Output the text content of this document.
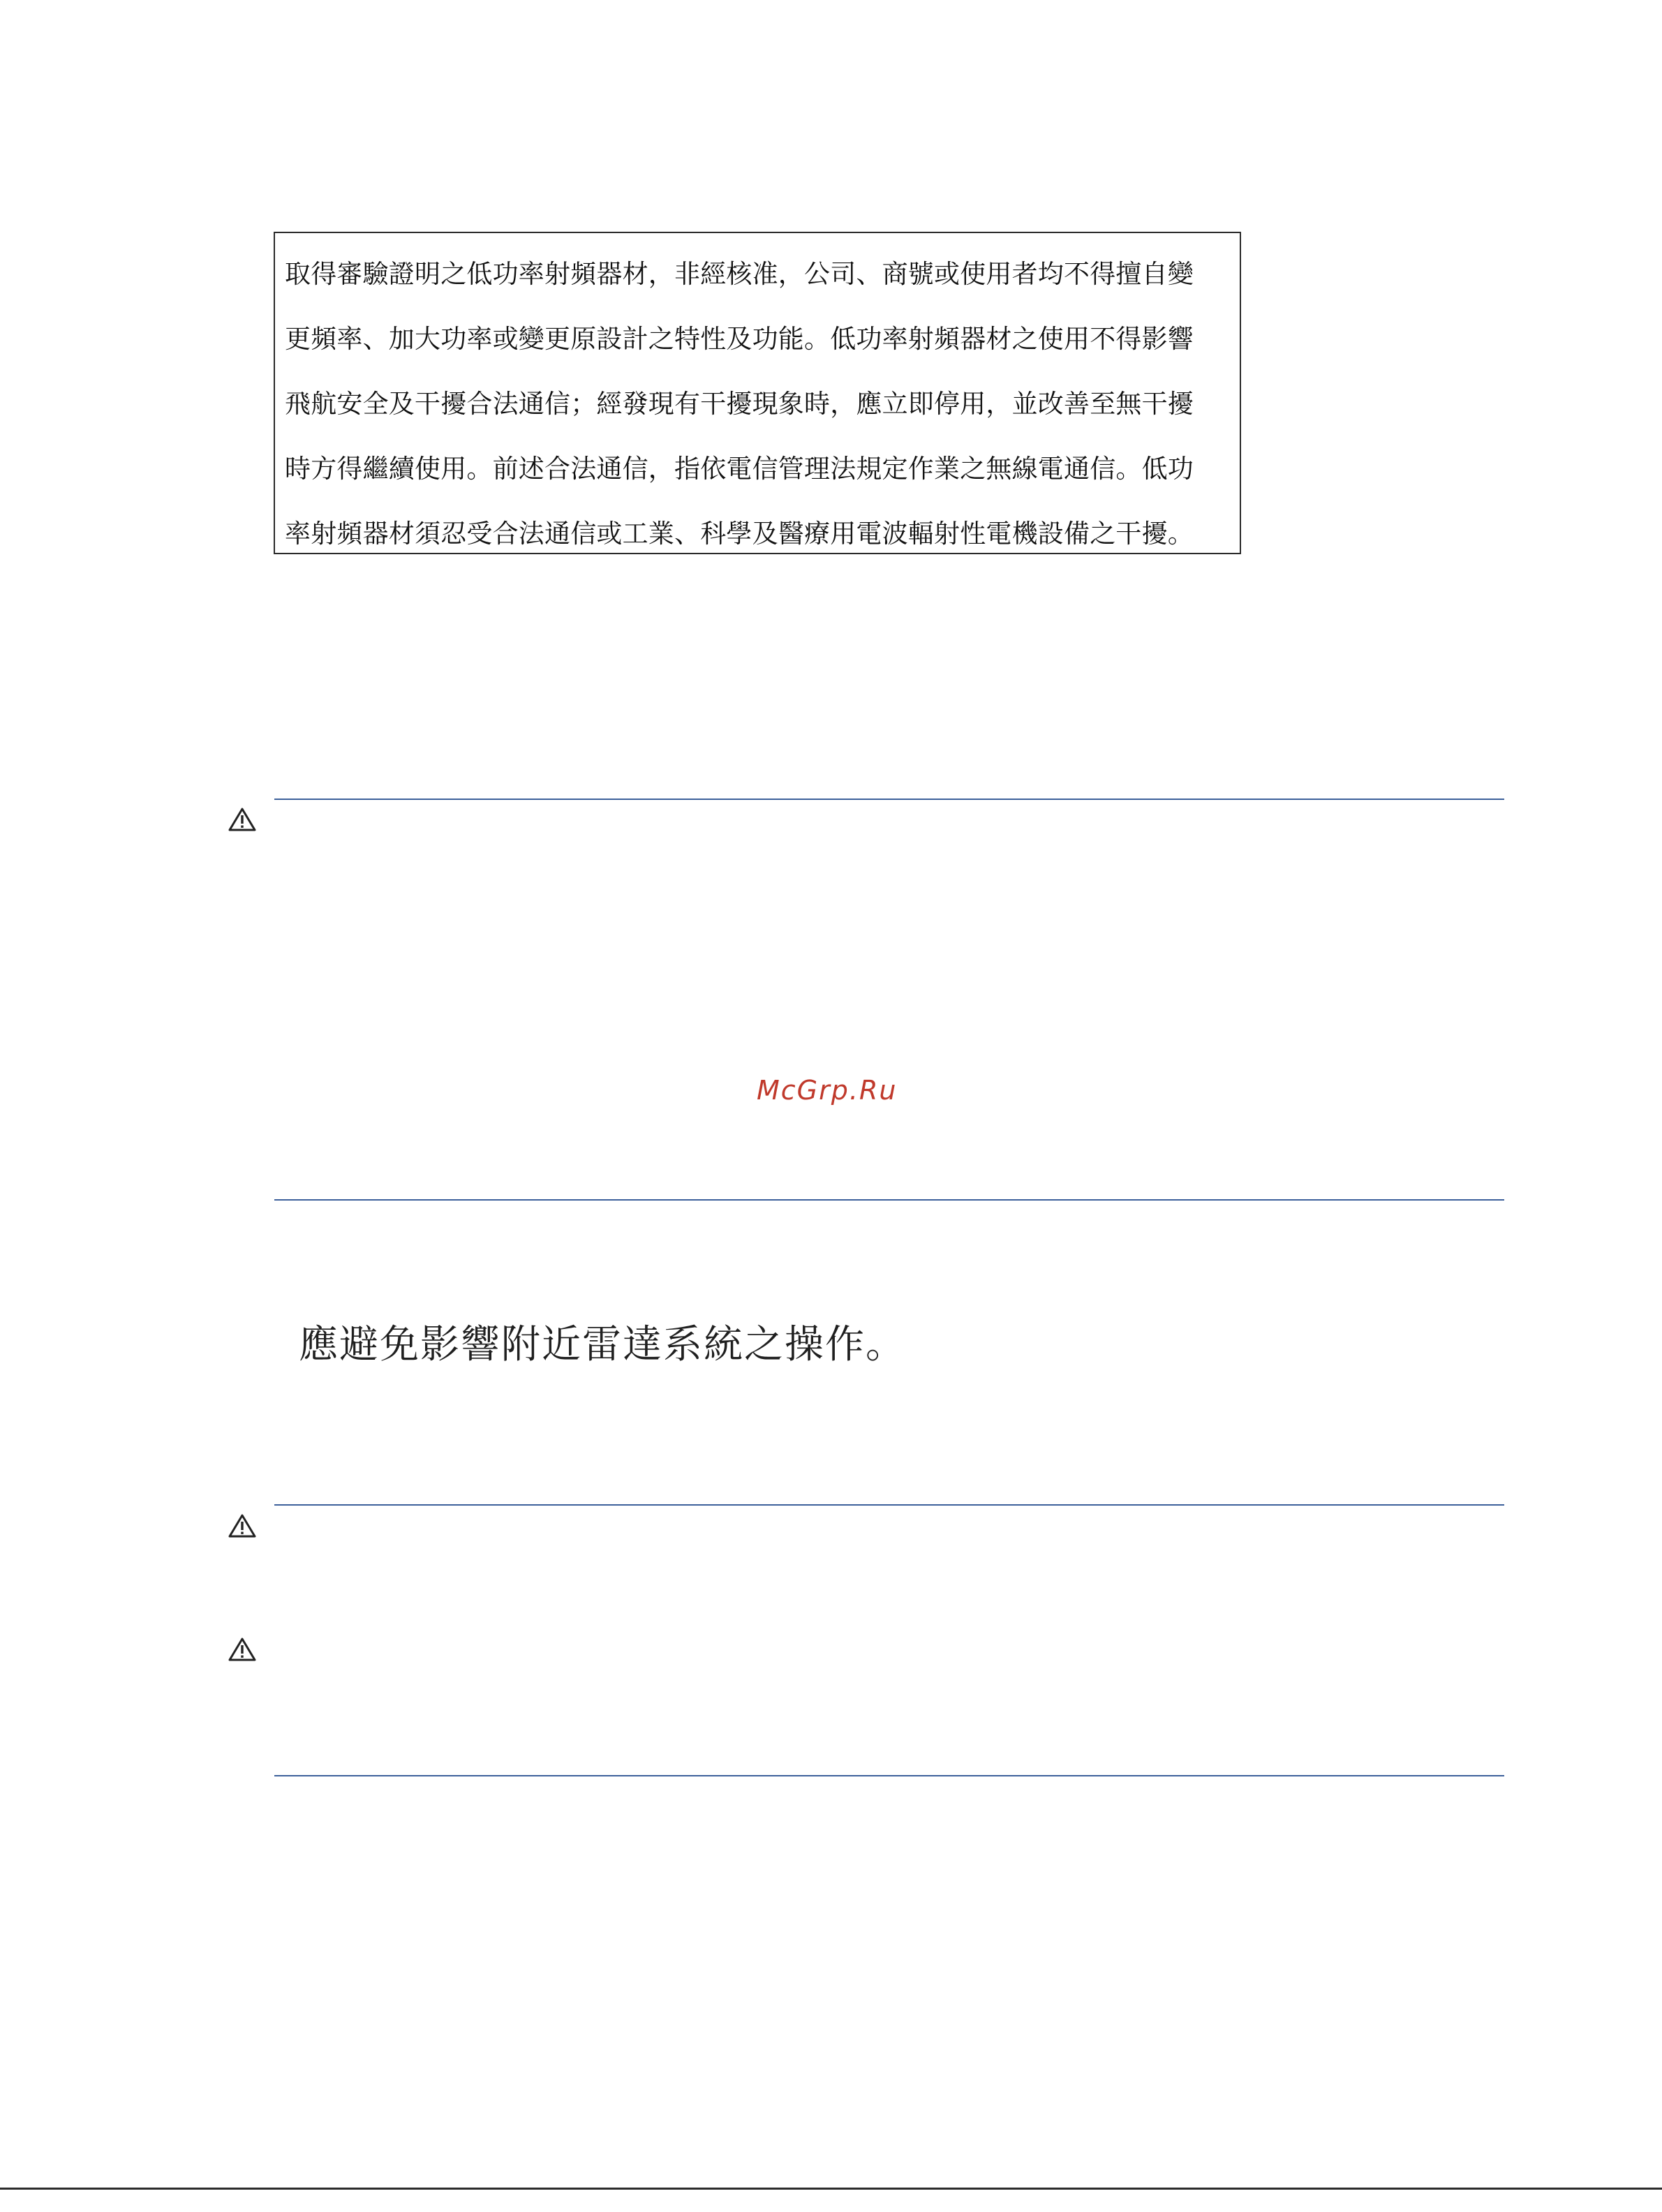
取得審驗證明之低功率射頻器材，非經核准，公司、商號或使用者均不得擅自變
更頻率、加大功率或變更原設計之特性及功能。低功率射頻器材之使用不得影響
飛航安全及干擾合法通信；經發現有干擾現象時，應立即停用，並改善至無干擾
時方得繼續使用。前述合法通信，指依電信管理法規定作業之無線電通信。低功
率射頻器材須忍受合法通信或工業、科學及醫療用電波輻射性電機設備之干擾。
McGrp.Ru
應避免影響附近雷達系統之操作。
